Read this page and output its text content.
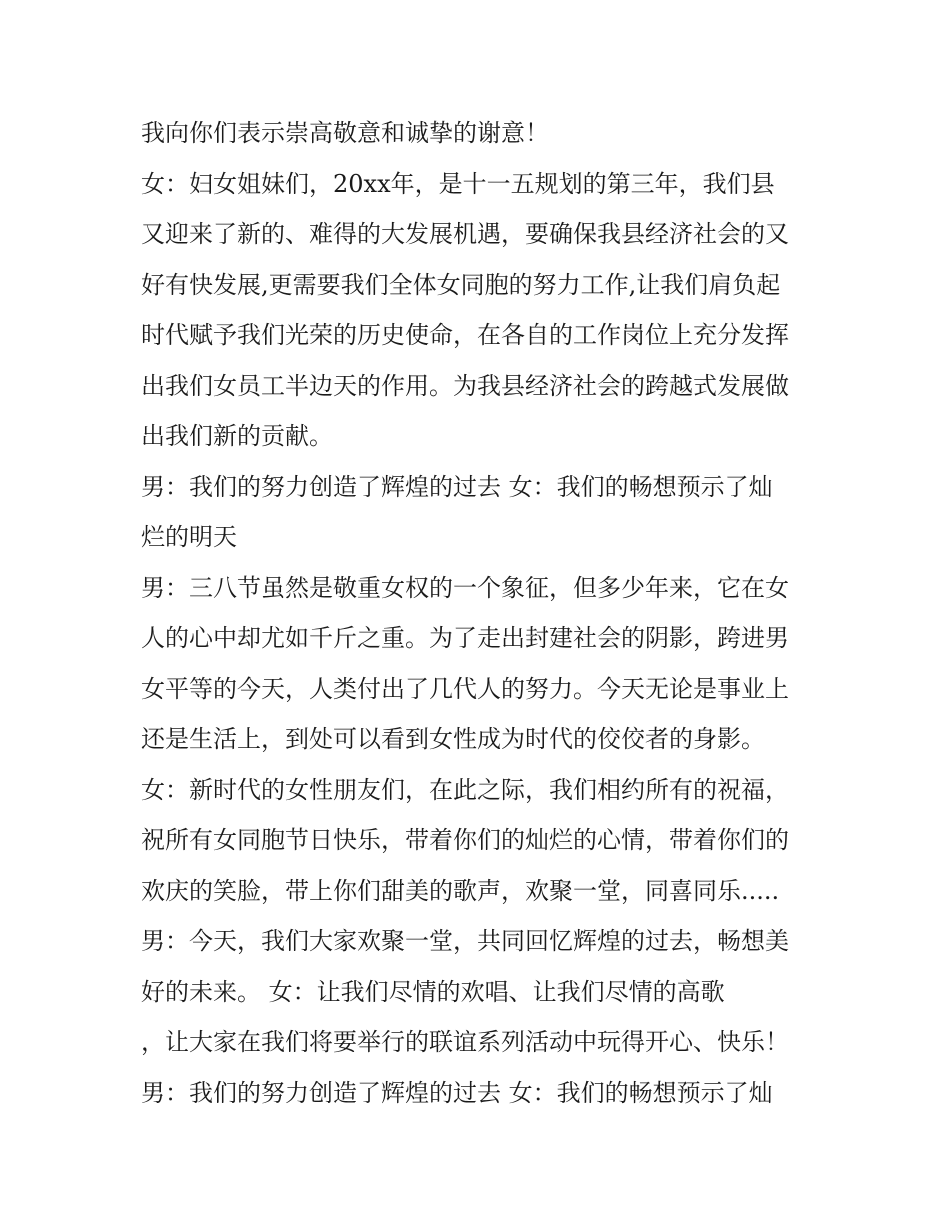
我向你们表示崇高敬意和诚挚的谢意！
女：妇女姐妹们，20xx年，是十一五规划的第三年，我们县
又迎来了新的、难得的大发展机遇，要确保我县经济社会的又
好有快发展,更需要我们全体女同胞的努力工作,让我们肩负起
时代赋予我们光荣的历史使命，在各自的工作岗位上充分发挥
出我们女员工半边天的作用。为我县经济社会的跨越式发展做
出我们新的贡献。
男：我们的努力创造了辉煌的过去 女：我们的畅想预示了灿
烂的明天
男：三八节虽然是敬重女权的一个象征，但多少年来，它在女
人的心中却尤如千斤之重。为了走出封建社会的阴影，跨进男
女平等的今天，人类付出了几代人的努力。今天无论是事业上
还是生活上，到处可以看到女性成为时代的佼佼者的身影。
女：新时代的女性朋友们，在此之际，我们相约所有的祝福，
祝所有女同胞节日快乐，带着你们的灿烂的心情，带着你们的
欢庆的笑脸，带上你们甜美的歌声，欢聚一堂，同喜同乐.....
男：今天，我们大家欢聚一堂，共同回忆辉煌的过去，畅想美
好的未来。 女：让我们尽情的欢唱、让我们尽情的高歌
，让大家在我们将要举行的联谊系列活动中玩得开心、快乐！
男：我们的努力创造了辉煌的过去 女：我们的畅想预示了灿
